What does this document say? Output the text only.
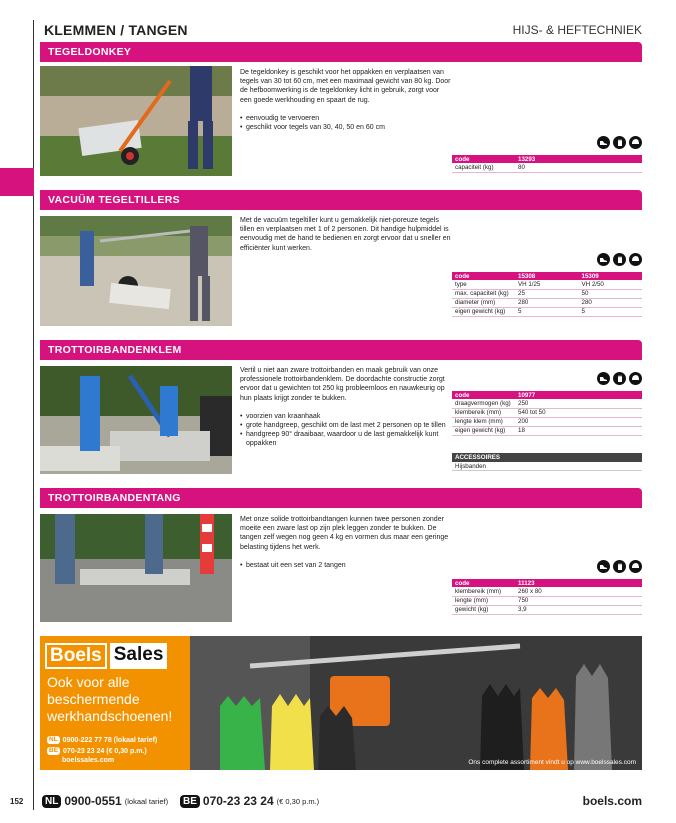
KLEMMEN / TANGEN	HIJS- & HEFTECHNIEK
TEGELDONKEY

De tegeldonkey is geschikt voor het oppakken en verplaatsen van tegels van 30 tot 60 cm, met een maximaal gewicht van 80 kg. Door de hefboomwerking is de tegeldonkey licht in gebruik, zorgt voor een goede werkhouding en spaart de rug.

• eenvoudig te vervoeren
• geschikt voor tegels van 30, 40, 50 en 60 cm
code	13293
capaciteit (kg)	80
VACUÜM TEGELTILLERS

Met de vacuüm tegeltiller kunt u gemakkelijk niet-poreuze tegels tillen en verplaatsen met 1 of 2 personen. Dit handige hulpmiddel is eenvoudig met de hand te bedienen en zorgt ervoor dat u sneller en efficiënter kunt werken.

code	15308	15309
type	VH 1/25	VH 2/50
max. capaciteit (kg)	25	50
diameter (mm)	280	280
eigen gewicht (kg)	5	5
TROTTOIRBANDENKLEM

Vertil u niet aan zware trottoirbanden en maak gebruik van onze professionele trottoirbandenklem. De doordachte constructie zorgt ervoor dat u gewichten tot 250 kg probleemloos en nauwkeurig op hun plaats krijgt zonder te bukken.

• voorzien van kraanhaak
• grote handgreep, geschikt om de last met 2 personen op te tillen
• handgreep 90° draaibaar, waardoor u de last gemakkelijk kunt oppakken
code	10977
draagvermogen (kg)	250
klembereik (mm)	540 tot 50
lengte klem (mm)	200
eigen gewicht (kg)	18
ACCESSOIRES
Hijsbanden
TROTTOIRBANDENTANG

Met onze solide trottoirbandtangen kunnen twee personen zonder moeite een zware last op zijn plek leggen zonder te bukken. De tangen zelf wegen nog geen 4 kg en vormen dus maar een geringe belasting tijdens het werk.

• bestaat uit een set van 2 tangen
code	11123
klembereik (mm)	260 x 80
lengte (mm)	750
gewicht (kg)	3,9
Boels Sales
Ook voor alle beschermende werkhandschoenen!
NL 0900-222 77 78 (lokaal tarief)
BE 070-23 23 24 (€ 0,30 p.m.)
boelssales.com	Ons complete assortiment vindt u op www.boelssales.com
152	NL 0900-0551 (lokaal tarief)	BE 070-23 23 24 (€ 0,30 p.m.)	boels.com
